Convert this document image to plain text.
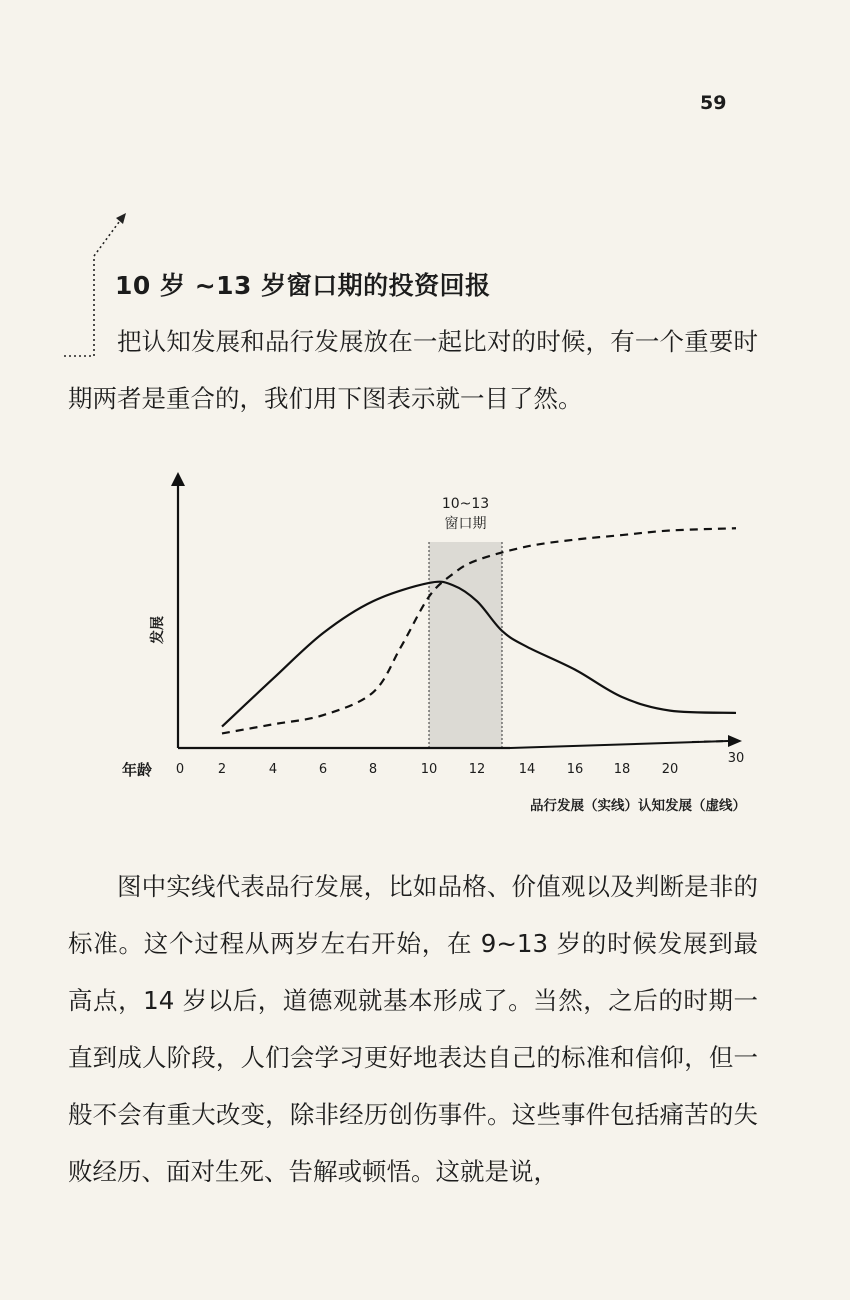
59
10 岁 ~13 岁窗口期的投资回报

把认知发展和品行发展放在一起比对的时候，有一个重要时期两者是重合的，我们用下图表示就一目了然。

10~13
窗口期
发展
年龄 0	2	4	6	8	10 12	14 16 18 20
30
品行发展（实线）认知发展（虚线）

图中实线代表品行发展，比如品格、价值观以及判断是非的标准。这个过程从两岁左右开始，在 9~13 岁的时候发展到最高点，14 岁以后，道德观就基本形成了。当然，之后的时期一直到成人阶段，人们会学习更好地表达自己的标准和信仰，但一般不会有重大改变，除非经历创伤事件。这些事件包括痛苦的失败经历、面对生死、告解或顿悟。这就是说，
